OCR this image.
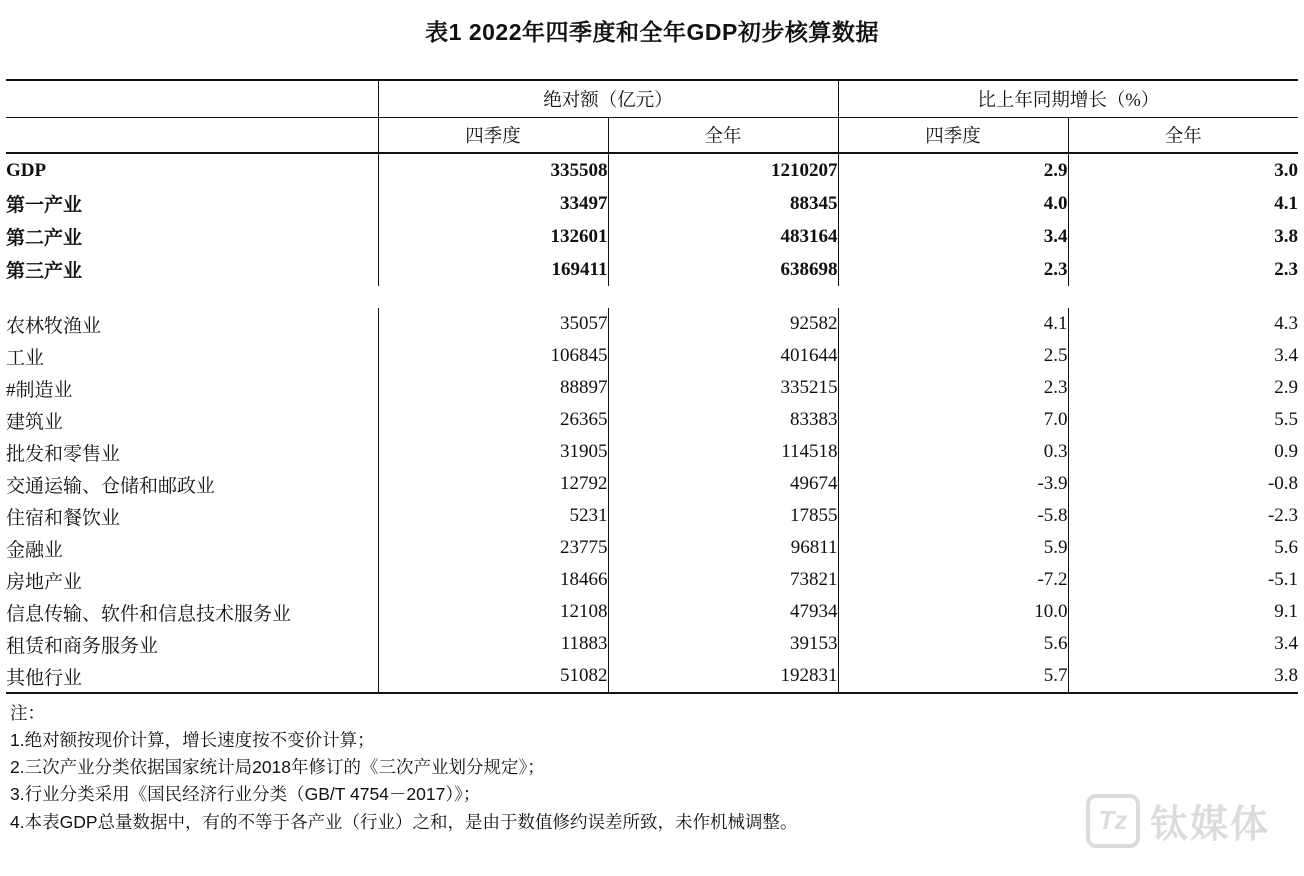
表1 2022年四季度和全年GDP初步核算数据
	绝对额（亿元）		比上年同期增长（%）	
	四季度	全年	四季度	全年
GDP	335508	1210207	2.9	3.0
第一产业	33497	88345	4.0	4.1
第二产业	132601	483164	3.4	3.8
第三产业	169411	638698	2.3	2.3

农林牧渔业	35057	92582	4.1	4.3
工业	106845	401644	2.5	3.4
#制造业	88897	335215	2.3	2.9
建筑业	26365	83383	7.0	5.5
批发和零售业	31905	114518	0.3	0.9
交通运输、仓储和邮政业	12792	49674	-3.9	-0.8
住宿和餐饮业	5231	17855	-5.8	-2.3
金融业	23775	96811	5.9	5.6
房地产业	18466	73821	-7.2	-5.1
信息传输、软件和信息技术服务业	12108	47934	10.0	9.1
租赁和商务服务业	11883	39153	5.6	3.4
其他行业	51082	192831	5.7	3.8
注：
1.绝对额按现价计算，增长速度按不变价计算；
2.三次产业分类依据国家统计局2018年修订的《三次产业划分规定》；
3.行业分类采用《国民经济行业分类（GB/T 4754－2017）》；
4.本表GDP总量数据中，有的不等于各产业（行业）之和，是由于数值修约误差所致，未作机械调整。	Tz 钛媒体
